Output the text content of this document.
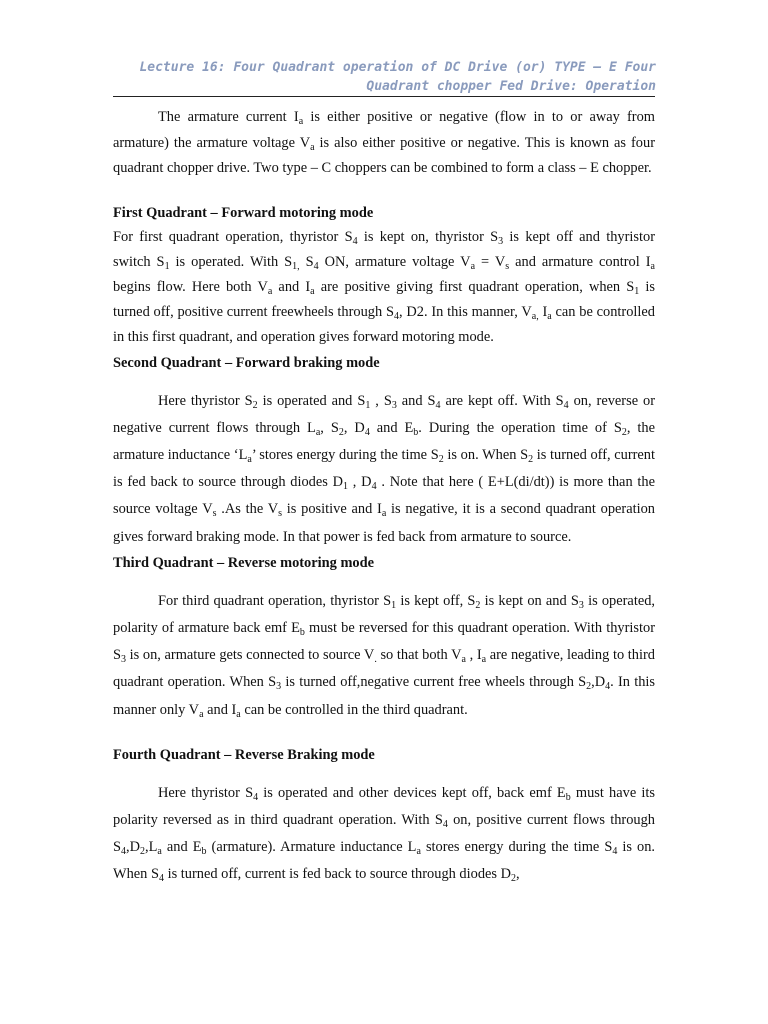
Lecture 16: Four Quadrant operation of DC Drive (or) TYPE – E Four
Quadrant chopper Fed Drive: Operation

The armature current $I_a$ is either positive or negative (flow in to or away from armature) the armature voltage $V_a$ is also either positive or negative. This is known as four quadrant chopper drive. Two type – C choppers can be combined to form a class – E chopper.

First Quadrant – Forward motoring mode

For first quadrant operation, thyristor $S_4$ is kept on, thyristor $S_3$ is kept off and thyristor switch $S_1$ is operated. With $S_{1,}$ $S_4$ ON, armature voltage $V_a = V_s$ and armature control $I_a$ begins flow. Here both $V_a$ and $I_a$ are positive giving first quadrant operation, when $S_1$ is turned off, positive current freewheels through $S_4$, D2. In this manner, $V_{a,}$ $I_a$ can be controlled in this first quadrant, and operation gives forward motoring mode.

Second Quadrant – Forward braking mode

Here thyristor $S_2$ is operated and $S_1$ , $S_3$ and $S_4$ are kept off. With $S_4$ on, reverse or negative current flows through $L_a$, $S_2$, $D_4$ and $E_b$. During the operation time of $S_2$, the armature inductance ‘$L_a$’ stores energy during the time $S_2$ is on. When $S_2$ is turned off, current is fed back to source through diodes $D_1$ , $D_4$ . Note that here ( E+L(di/dt)) is more than the source voltage $V_s$ .As the $V_s$ is positive and $I_a$ is negative, it is a second quadrant operation gives forward braking mode. In that power is fed back from armature to source.

Third Quadrant – Reverse motoring mode

For third quadrant operation, thyristor $S_1$ is kept off, $S_2$ is kept on and $S_3$ is operated, polarity of armature back emf $E_b$ must be reversed for this quadrant operation. With thyristor $S_3$ is on, armature gets connected to source $V_.$ so that both $V_a$ , $I_a$ are negative, leading to third quadrant operation. When $S_3$ is turned off,negative current free wheels through $S_2,D_4$. In this manner only $V_a$ and $I_a$ can be controlled in the third quadrant.

Fourth Quadrant – Reverse Braking mode

Here thyristor $S_4$ is operated and other devices kept off, back emf $E_b$ must have its polarity reversed as in third quadrant operation. With $S_4$ on, positive current flows through $S_4,D_2,L_a$ and $E_b$ (armature). Armature inductance $L_a$ stores energy during the time $S_4$ is on. When $S_4$ is turned off, current is fed back to source through diodes $D_2$,
